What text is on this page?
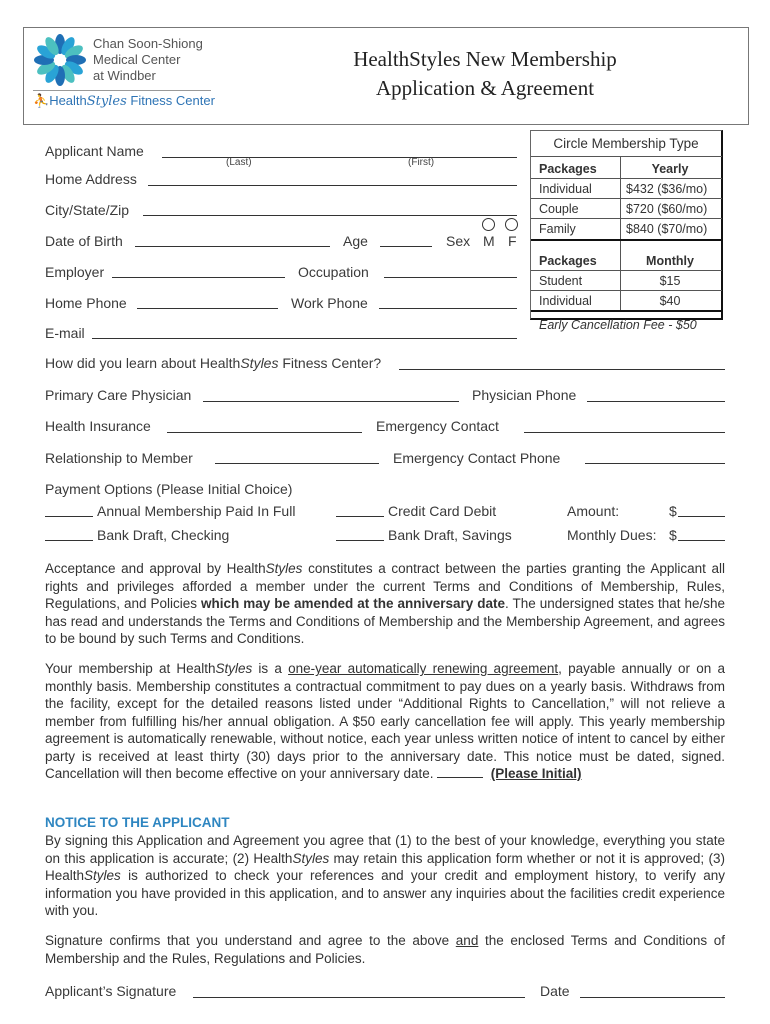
Chan Soon-Shiong
Medical Center
at Windber
⛹HealthStyles Fitness Center
HealthStyles New Membership
Application & Agreement
Applicant Name
(Last)	(First)
Home Address
City/State/Zip
Date of Birth	Age	Sex M F
Employer	Occupation
Home Phone	Work Phone
E-mail
Circle Membership Type
Packages	Yearly
Individual	$432 ($36/mo)
Couple	$720 ($60/mo)
Family	$840 ($70/mo)
Packages	Monthly
Student	$15
Individual	$40
Early Cancellation Fee - $50
How did you learn about HealthStyles Fitness Center?
Primary Care Physician	Physician Phone
Health Insurance	Emergency Contact
Relationship to Member	Emergency Contact Phone
Payment Options (Please Initial Choice)
Annual Membership Paid In Full	Credit Card Debit	Amount:	$
Bank Draft, Checking	Bank Draft, Savings	Monthly Dues: $

Acceptance and approval by HealthStyles constitutes a contract between the parties granting the Applicant all rights and privileges afforded a member under the current Terms and Conditions of Membership, Rules, Regulations, and Policies which may be amended at the anniversary date. The undersigned states that he/she has read and understands the Terms and Conditions of Membership and the Membership Agreement, and agrees to be bound by such Terms and Conditions.

Your membership at HealthStyles is a one-year automatically renewing agreement, payable annually or on a monthly basis. Membership constitutes a contractual commitment to pay dues on a yearly basis. Withdraws from the facility, except for the detailed reasons listed under “Additional Rights to Cancellation,” will not relieve a member from fulfilling his/her annual obligation. A $50 early cancellation fee will apply. This yearly membership agreement is automatically renewable, without notice, each year unless written notice of intent to cancel by either party is received at least thirty (30) days prior to the anniversary date. This notice must be dated, signed. Cancellation will then become effective on your anniversary date.	(Please Initial)

NOTICE TO THE APPLICANT

By signing this Application and Agreement you agree that (1) to the best of your knowledge, everything you state on this application is accurate; (2) HealthStyles may retain this application form whether or not it is approved; (3) HealthStyles is authorized to check your references and your credit and employment history, to verify any information you have provided in this application, and to answer any inquiries about the facilities credit experience with you.

Signature confirms that you understand and agree to the above and the enclosed Terms and Conditions of Membership and the Rules, Regulations and Policies.

Applicant’s Signature	Date
